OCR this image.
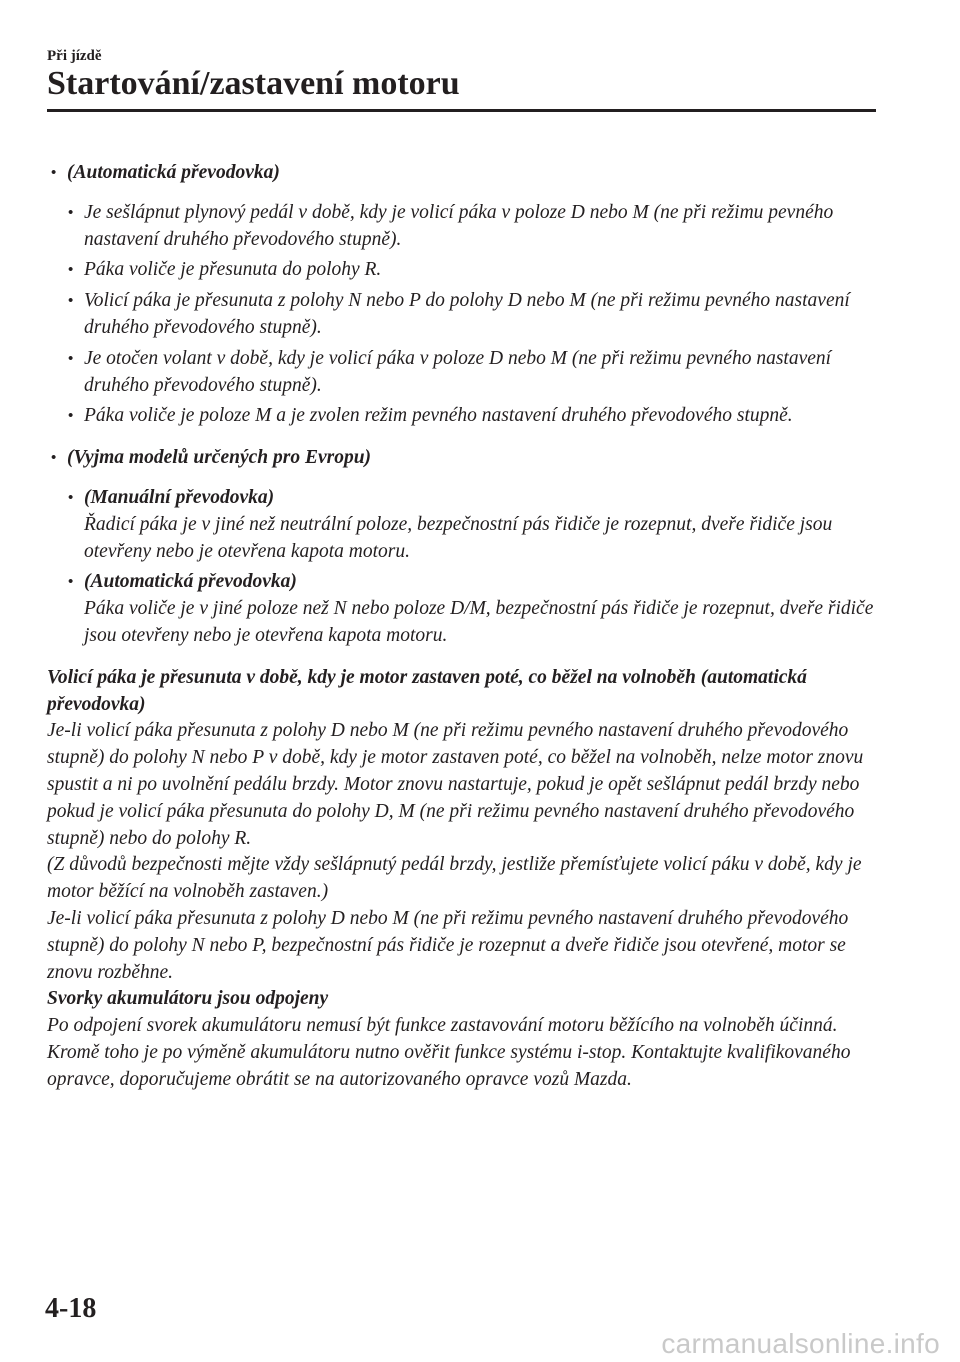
Při jízdě
Startování/zastavení motoru
• (Automatická převodovka)
• Je sešlápnut plynový pedál v době, kdy je volicí páka v poloze D nebo M (ne při režimu pevného nastavení druhého převodového stupně).
• Páka voliče je přesunuta do polohy R.
• Volicí páka je přesunuta z polohy N nebo P do polohy D nebo M (ne při režimu pevného nastavení druhého převodového stupně).
• Je otočen volant v době, kdy je volicí páka v poloze D nebo M (ne při režimu pevného nastavení druhého převodového stupně).
• Páka voliče je poloze M a je zvolen režim pevného nastavení druhého převodového stupně.
• (Vyjma modelů určených pro Evropu)
• (Manuální převodovka)
Řadicí páka je v jiné než neutrální poloze, bezpečnostní pás řidiče je rozepnut, dveře řidiče jsou otevřeny nebo je otevřena kapota motoru.
• (Automatická převodovka)
Páka voliče je v jiné poloze než N nebo poloze D/M, bezpečnostní pás řidiče je rozepnut, dveře řidiče jsou otevřeny nebo je otevřena kapota motoru.
Volicí páka je přesunuta v době, kdy je motor zastaven poté, co běžel na volnoběh (automatická převodovka)
Je-li volicí páka přesunuta z polohy D nebo M (ne při režimu pevného nastavení druhého převodového stupně) do polohy N nebo P v době, kdy je motor zastaven poté, co běžel na volnoběh, nelze motor znovu spustit a ni po uvolnění pedálu brzdy. Motor znovu nastartuje, pokud je opět sešlápnut pedál brzdy nebo pokud je volicí páka přesunuta do polohy D, M (ne při režimu pevného nastavení druhého převodového stupně) nebo do polohy R.
(Z důvodů bezpečnosti mějte vždy sešlápnutý pedál brzdy, jestliže přemísťujete volicí páku v době, kdy je motor běžící na volnoběh zastaven.)
Je-li volicí páka přesunuta z polohy D nebo M (ne při režimu pevného nastavení druhého převodového stupně) do polohy N nebo P, bezpečnostní pás řidiče je rozepnut a dveře řidiče jsou otevřené, motor se znovu rozběhne.
Svorky akumulátoru jsou odpojeny
Po odpojení svorek akumulátoru nemusí být funkce zastavování motoru běžícího na volnoběh účinná. Kromě toho je po výměně akumulátoru nutno ověřit funkce systému i-stop. Kontaktujte kvalifikovaného opravce, doporučujeme obrátit se na autorizovaného opravce vozů Mazda.
4-18
carmanualsonline.info
